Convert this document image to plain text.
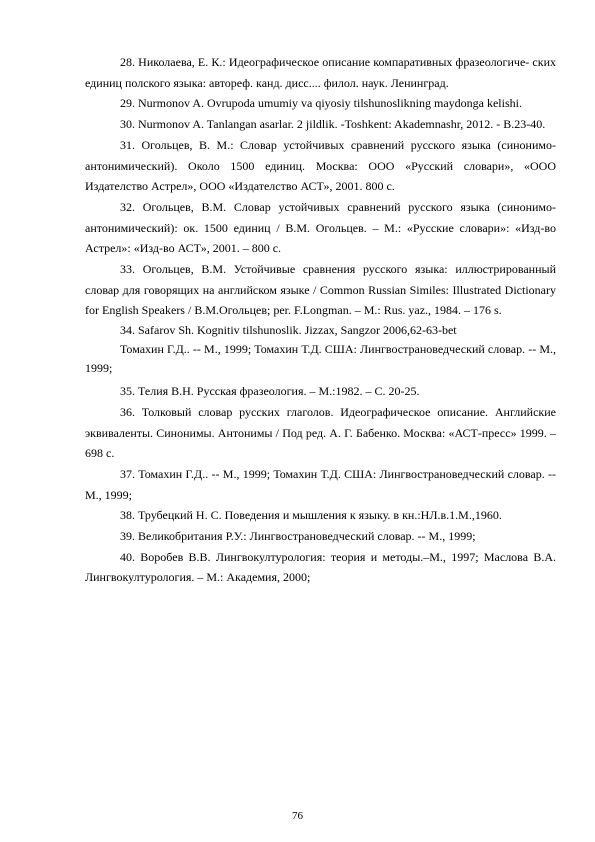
28. Николаева, Е. К.: Идеографическое описание компаративных фразеологиче- ских единиц полского языка: автореф. канд. дисс.... филол. наук. Ленинград.

29. Nurmonov A. Ovrupoda umumiy va qiyosiy tilshunoslikning maydonga kelishi.

30. Nurmonov A. Tanlangan asarlar. 2 jildlik. -Toshkent: Akademnashr, 2012. - B.23-40.

31. Огольцев, В. М.: Словар устойчивых сравнений русского языка (синонимо-антонимический). Около 1500 единиц. Москва: ООО «Русский словари», «ООО Издателство Астрел», ООО «Издателство АСТ», 2001. 800 с.

32. Огольцев, В.М. Словар устойчивых сравнений русского языка (синонимо-антонимический): ок. 1500 единиц / В.М. Огольцев. – М.: «Русские словари»: «Изд-во Астрел»: «Изд-во АСТ», 2001. – 800 с.

33. Огольцев, В.М. Устойчивые сравнения русского языка: иллюстрированный словар для говорящих на английском языке / Common Russian Similes: Illustrated Dictionary for English Speakers / В.М.Огольцев; per. F.Longman. – М.: Rus. yaz., 1984. – 176 s.

34. Safarov Sh. Kognitiv tilshunoslik. Jizzax, Sangzor 2006,62-63-bet

Томахин Г.Д.. -- М., 1999; Томахин Т.Д. США: Лингвострановедческий словар. -- М., 1999;

35. Телия В.Н. Русская фразеология. – М.:1982. – С. 20-25.

36. Толковый словар русских глаголов. Идеографическое описание. Английские эквиваленты. Синонимы. Антонимы / Под ред. А. Г. Бабенко. Москва: «АСТ-пресс» 1999. – 698 с.

37. Томахин Г.Д.. -- М., 1999; Томахин Т.Д. США: Лингвострановедческий словар. -- М., 1999;

38. Трубецкий Н. С. Поведения и мышления к языку. в кн.:НЛ.в.1.М.,1960.

39. Великобритания Р.У.: Лингвострановедческий словар. -- М., 1999;

40. Воробев В.В. Лингвокултурология: теория и методы.–М., 1997; Маслова В.А. Лингвокултурология. – М.: Академия, 2000;

76
